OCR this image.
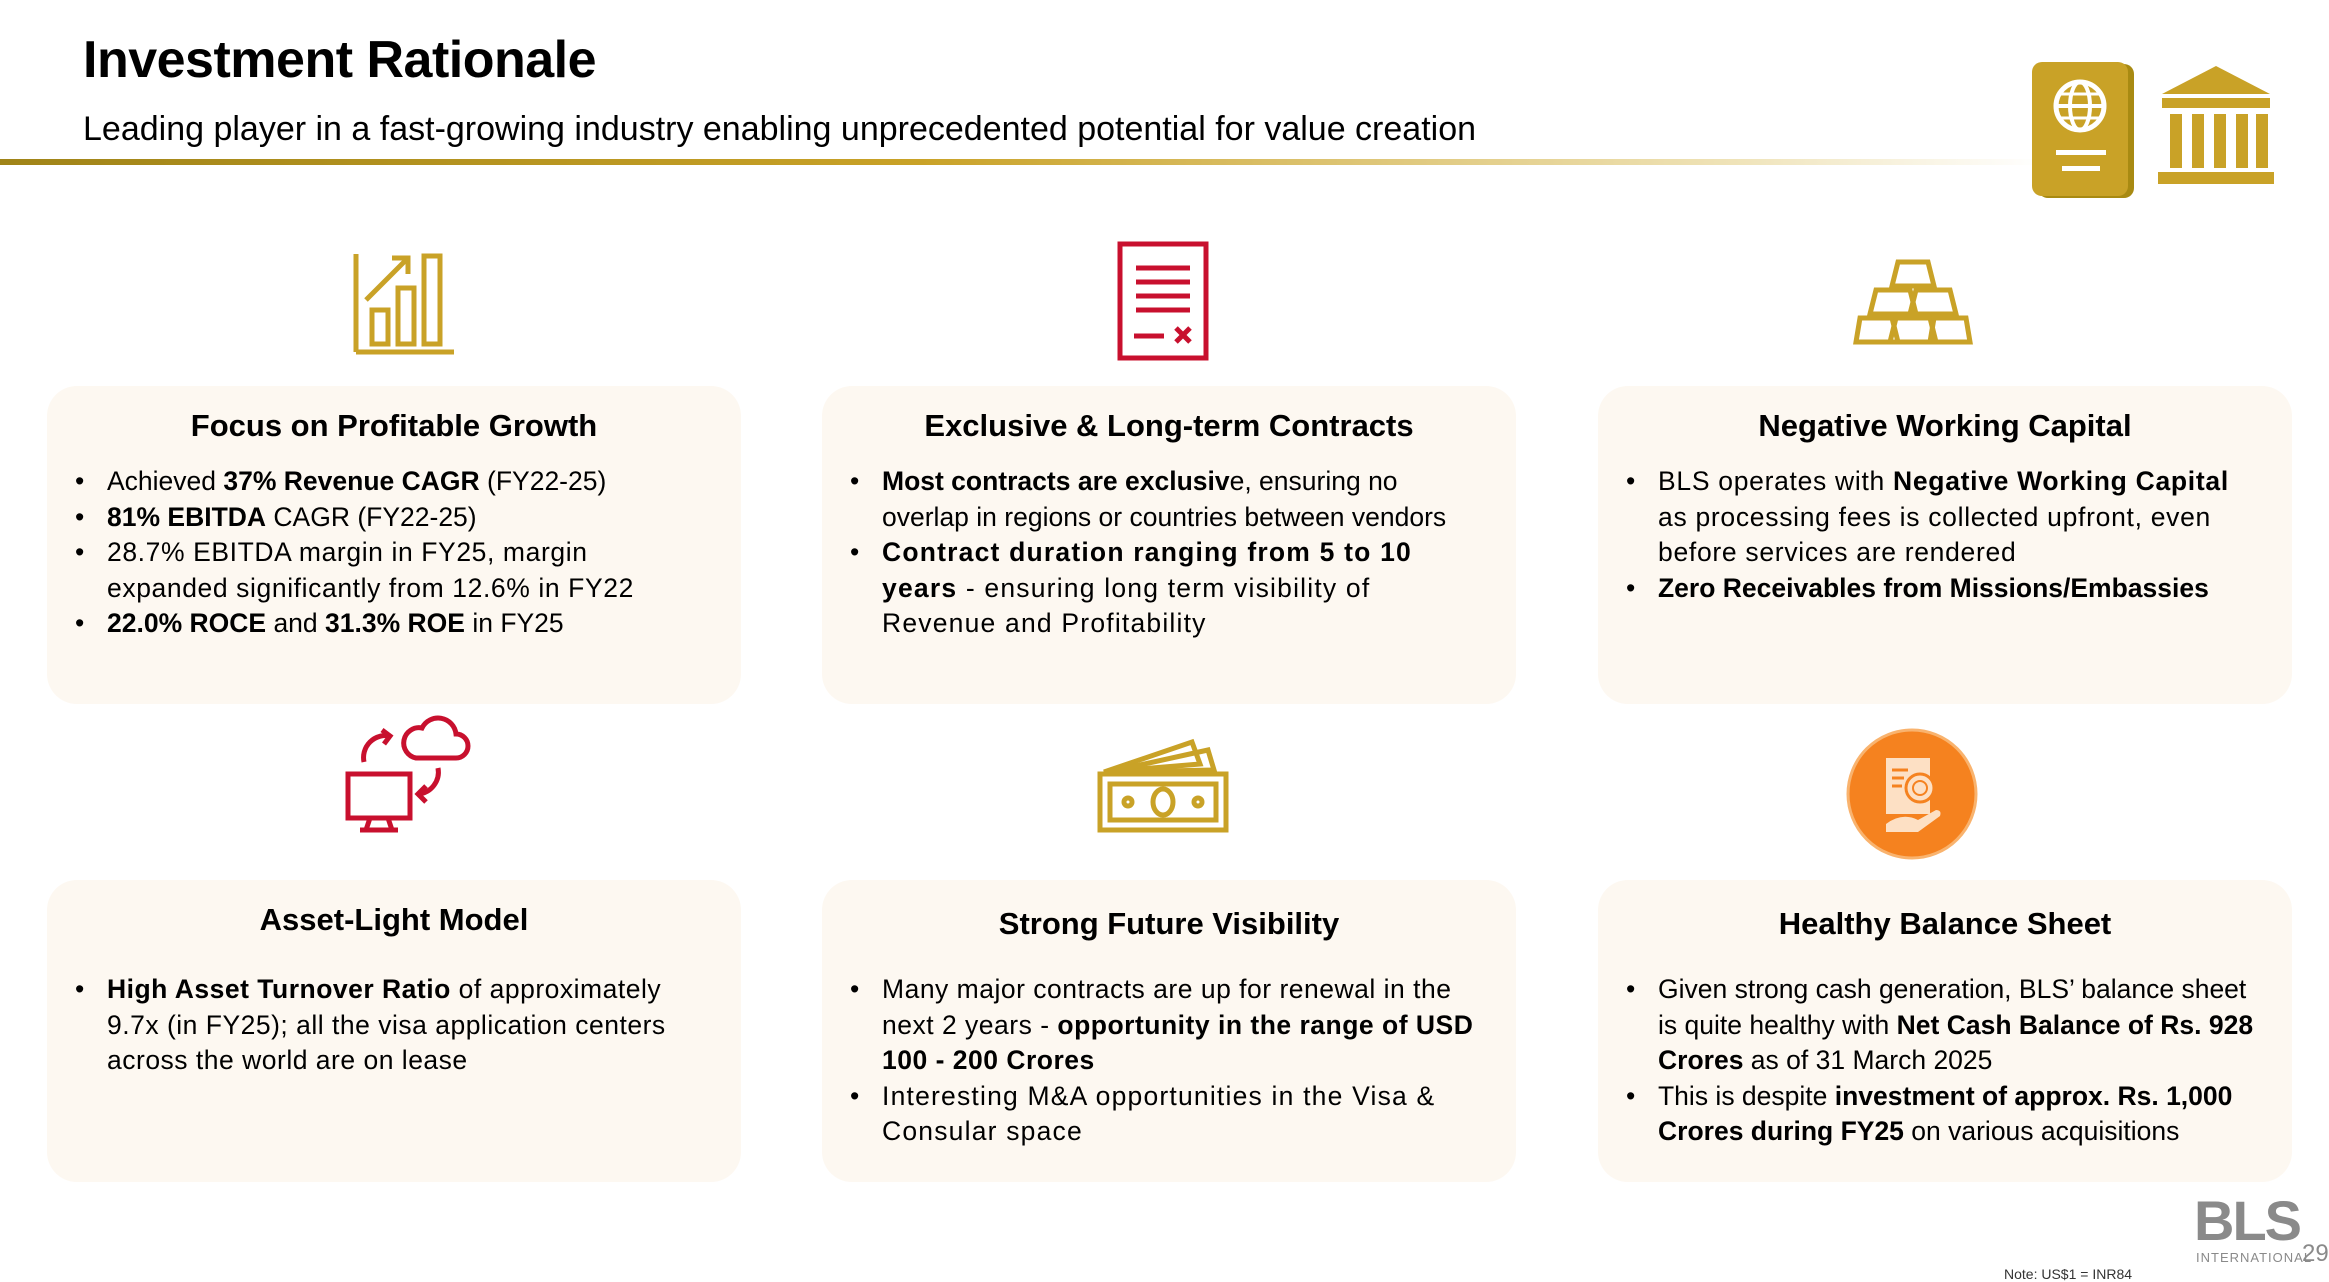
Investment Rationale
Leading player in a fast-growing industry enabling unprecedented potential for value creation
Focus on Profitable Growth
• Achieved 37% Revenue CAGR (FY22-25)
• 81% EBITDA CAGR (FY22-25)
• 28.7% EBITDA margin in FY25, margin expanded significantly from 12.6% in FY22
• 22.0% ROCE and 31.3% ROE in FY25
Exclusive & Long-term Contracts
• Most contracts are exclusive, ensuring no overlap in regions or countries between vendors
• Contract duration ranging from 5 to 10 years - ensuring long term visibility of Revenue and Profitability
Negative Working Capital
• BLS operates with Negative Working Capital as processing fees is collected upfront, even before services are rendered
• Zero Receivables from Missions/Embassies
Asset-Light Model
• High Asset Turnover Ratio of approximately 9.7x (in FY25); all the visa application centers across the world are on lease
Strong Future Visibility
• Many major contracts are up for renewal in the next 2 years - opportunity in the range of USD 100 - 200 Crores
• Interesting M&A opportunities in the Visa & Consular space
Healthy Balance Sheet
• Given strong cash generation, BLS’ balance sheet is quite healthy with Net Cash Balance of Rs. 928 Crores as of 31 March 2025
• This is despite investment of approx. Rs. 1,000 Crores during FY25 on various acquisitions
BLS
INTERNATIONAL
29
Note: US$1 = INR84
